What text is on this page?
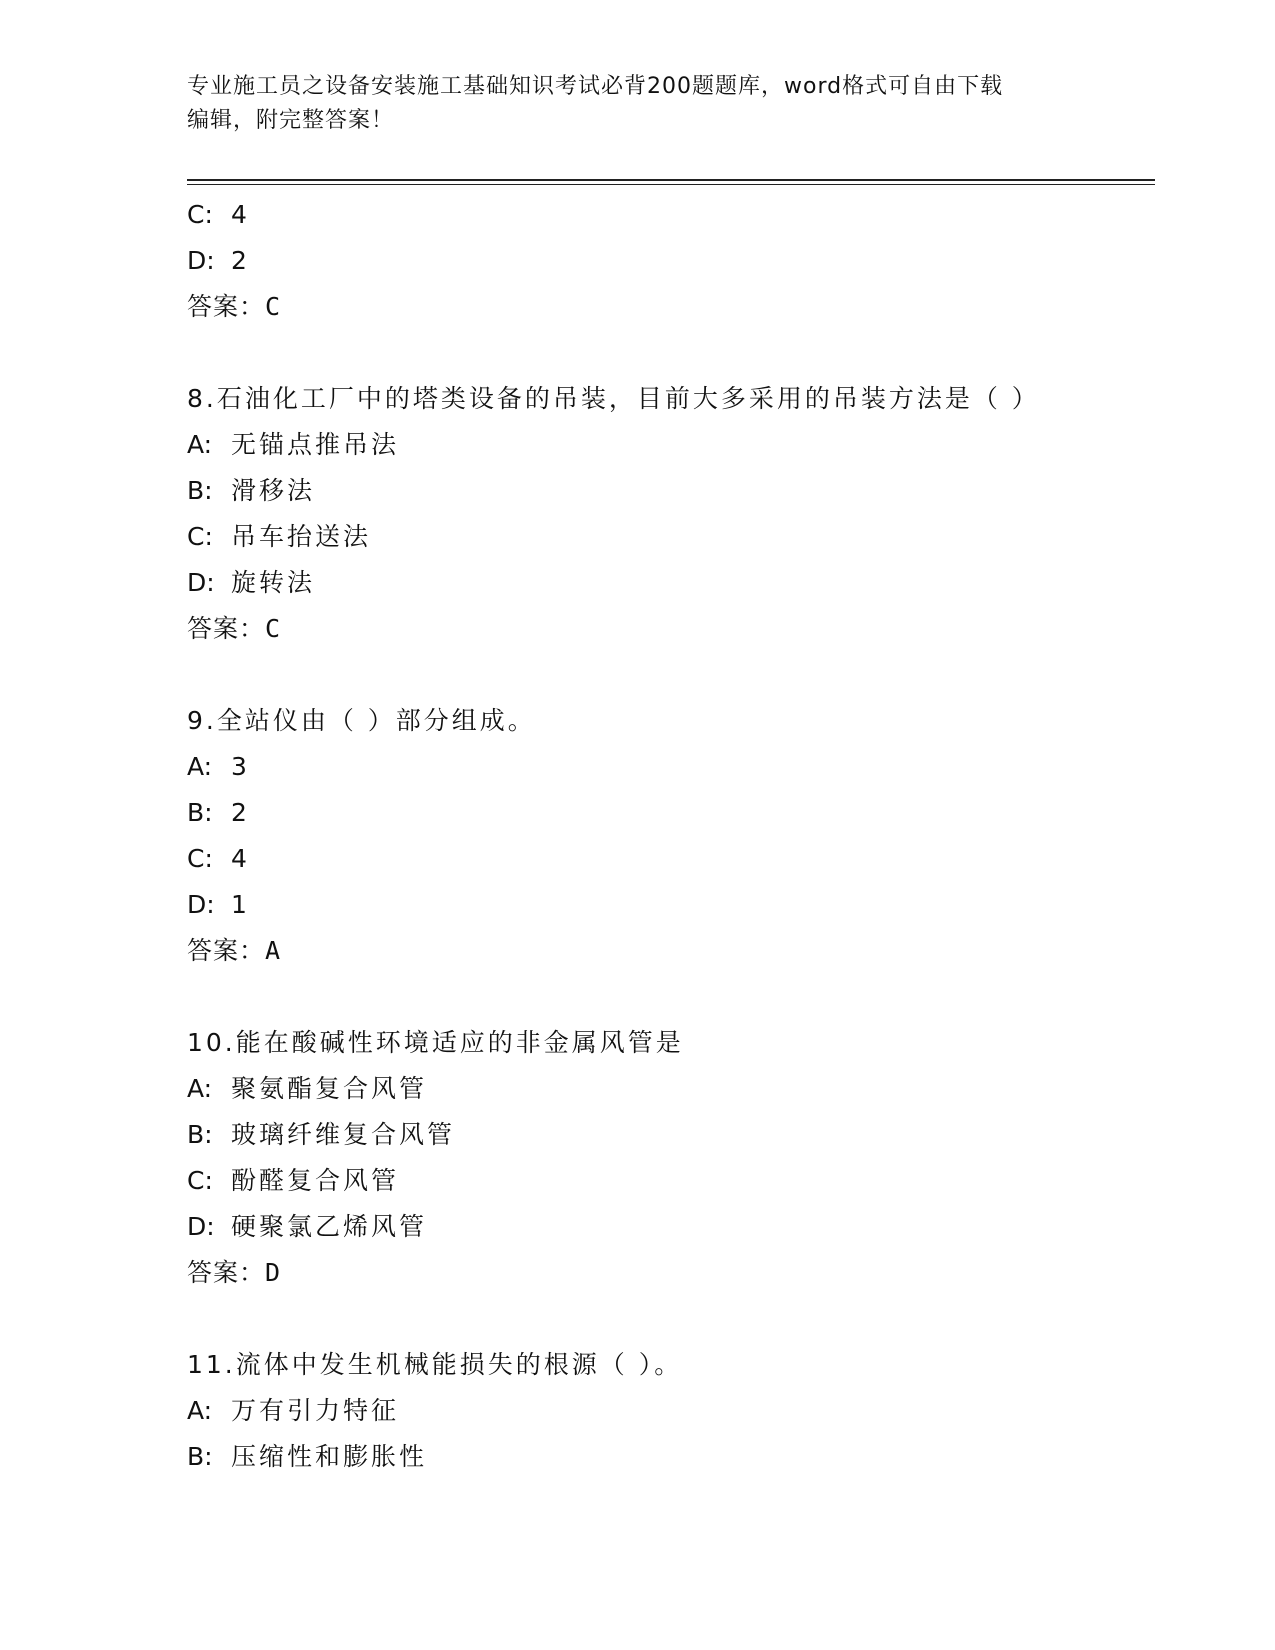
专业施工员之设备安装施工基础知识考试必背200题题库，word格式可自由下载
编辑，附完整答案！
C: 4
D: 2
答案：C
8.石油化工厂中的塔类设备的吊装，目前大多采用的吊装方法是（ ）
A: 无锚点推吊法
B: 滑移法
C: 吊车抬送法
D: 旋转法
答案：C
9.全站仪由（ ）部分组成。
A: 3
B: 2
C: 4
D: 1
答案：A
10.能在酸碱性环境适应的非金属风管是
A: 聚氨酯复合风管
B: 玻璃纤维复合风管
C: 酚醛复合风管
D: 硬聚氯乙烯风管
答案：D
11.流体中发生机械能损失的根源（ ）。
A: 万有引力特征
B: 压缩性和膨胀性
